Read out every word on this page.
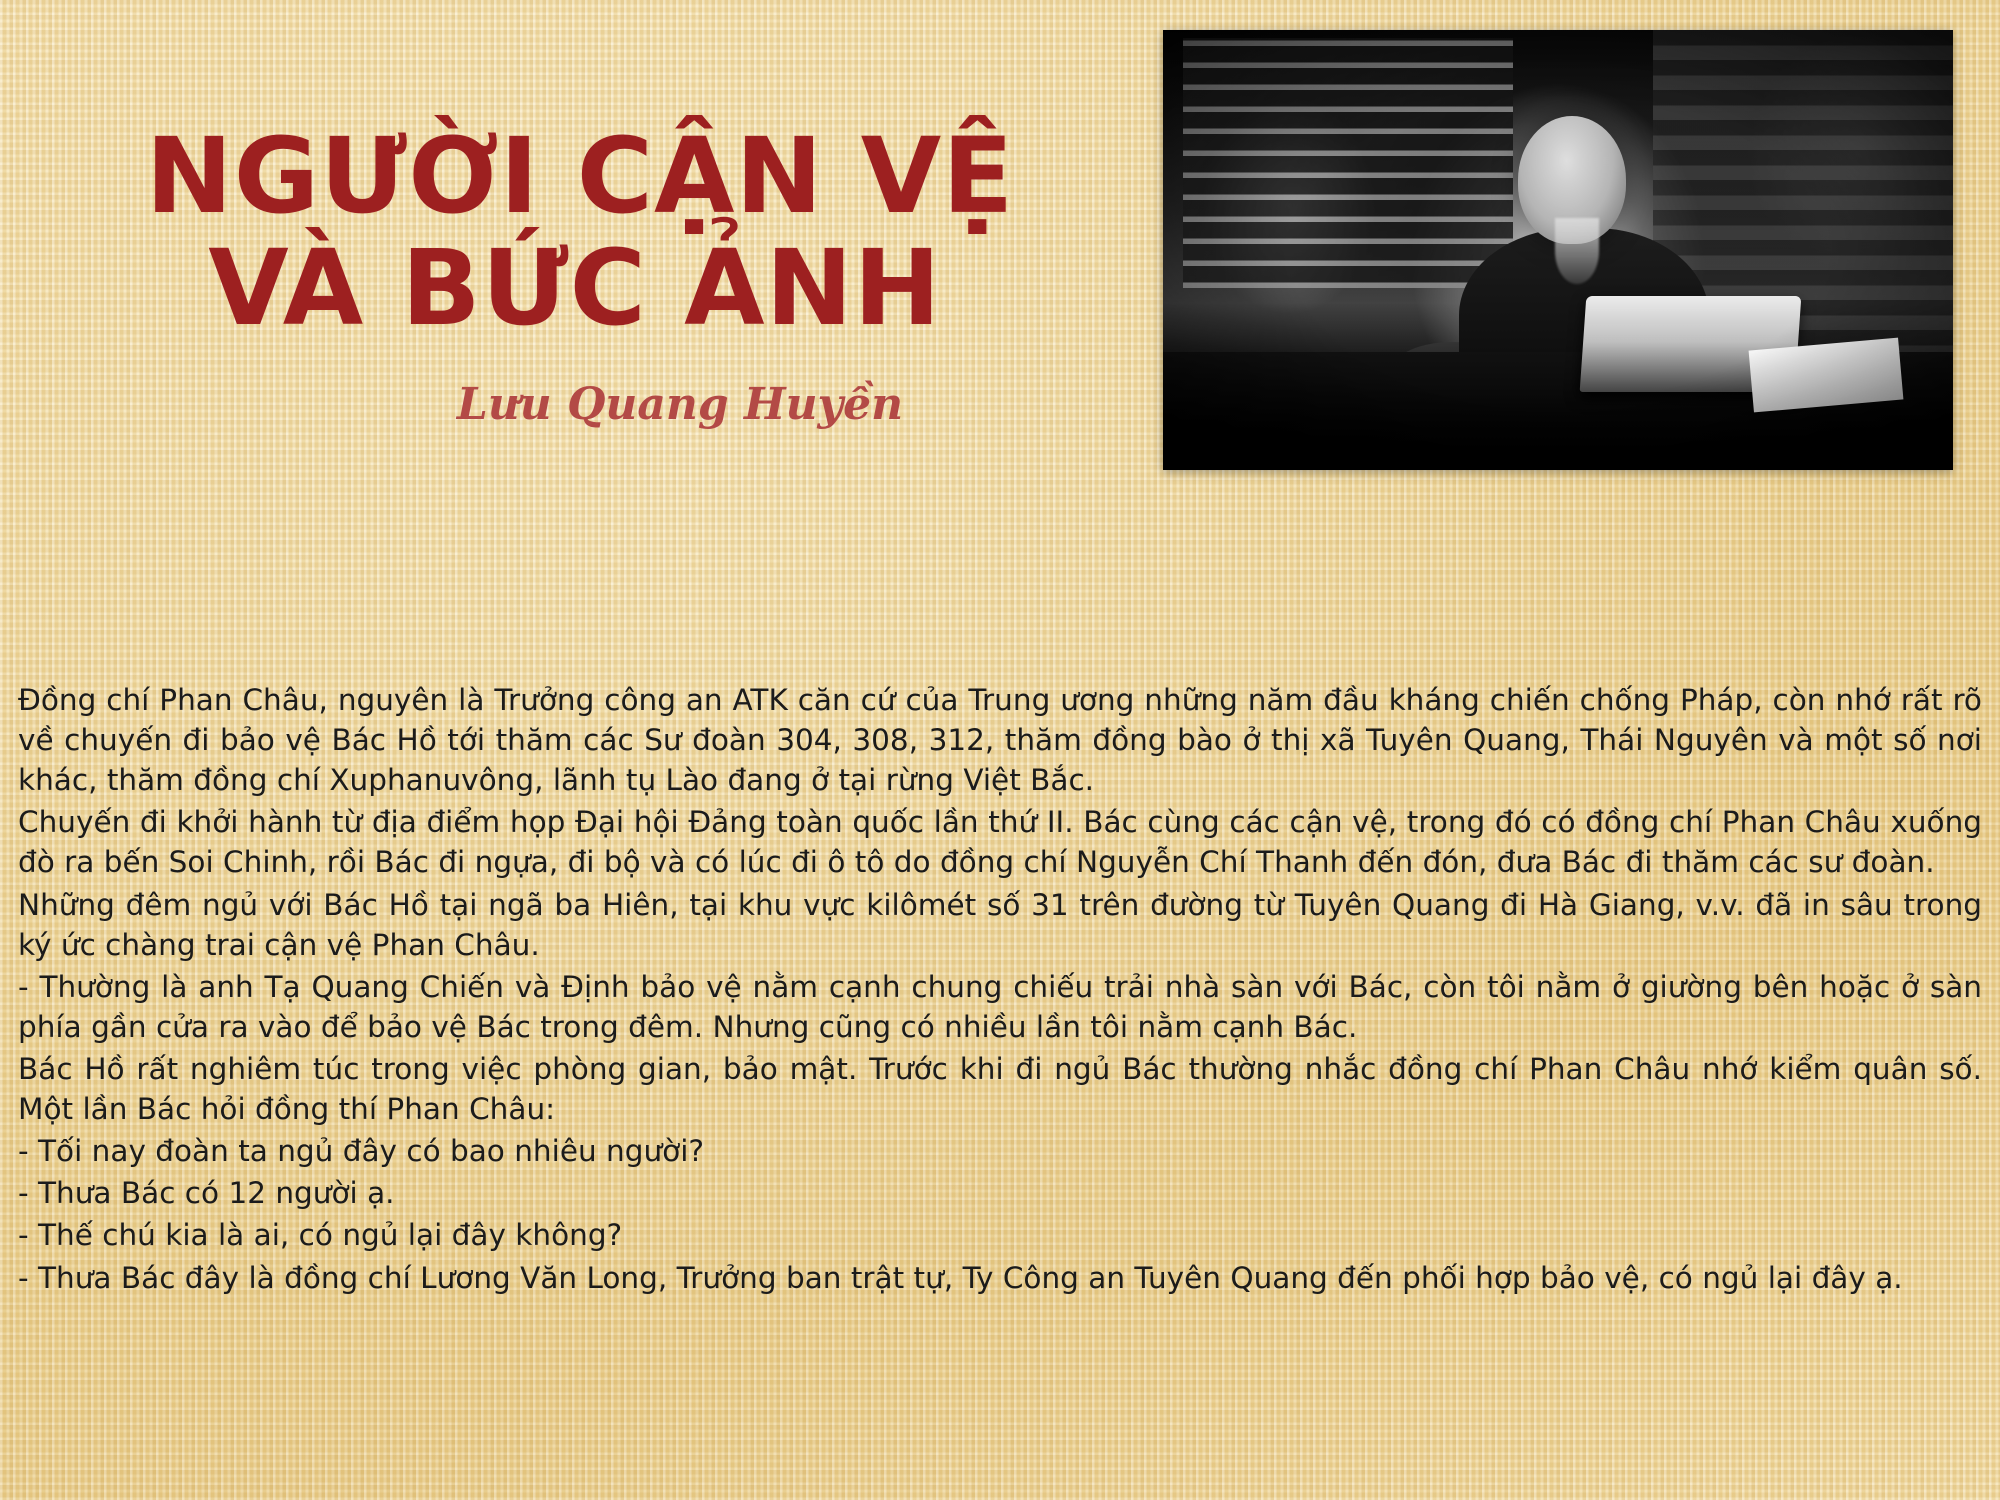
NGƯỜI CẬN VỆ
VÀ BỨC ẢNH
Lưu Quang Huyền

Đồng chí Phan Châu, nguyên là Trưởng công an ATK căn cứ của Trung ương những năm đầu kháng chiến chống Pháp, còn nhớ rất rõ về chuyến đi bảo vệ Bác Hồ tới thăm các Sư đoàn 304, 308, 312, thăm đồng bào ở thị xã Tuyên Quang, Thái Nguyên và một số nơi khác, thăm đồng chí Xuphanuvông, lãnh tụ Lào đang ở tại rừng Việt Bắc.

Chuyến đi khởi hành từ địa điểm họp Đại hội Đảng toàn quốc lần thứ II. Bác cùng các cận vệ, trong đó có đồng chí Phan Châu xuống đò ra bến Soi Chinh, rồi Bác đi ngựa, đi bộ và có lúc đi ô tô do đồng chí Nguyễn Chí Thanh đến đón, đưa Bác đi thăm các sư đoàn.

Những đêm ngủ với Bác Hồ tại ngã ba Hiên, tại khu vực kilômét số 31 trên đường từ Tuyên Quang đi Hà Giang, v.v. đã in sâu trong ký ức chàng trai cận vệ Phan Châu.

- Thường là anh Tạ Quang Chiến và Định bảo vệ nằm cạnh chung chiếu trải nhà sàn với Bác, còn tôi nằm ở giường bên hoặc ở sàn phía gần cửa ra vào để bảo vệ Bác trong đêm. Nhưng cũng có nhiều lần tôi nằm cạnh Bác.

Bác Hồ rất nghiêm túc trong việc phòng gian, bảo mật. Trước khi đi ngủ Bác thường nhắc đồng chí Phan Châu nhớ kiểm quân số. Một lần Bác hỏi đồng thí Phan Châu:

- Tối nay đoàn ta ngủ đây có bao nhiêu người?

- Thưa Bác có 12 người ạ.

- Thế chú kia là ai, có ngủ lại đây không?

- Thưa Bác đây là đồng chí Lương Văn Long, Trưởng ban trật tự, Ty Công an Tuyên Quang đến phối hợp bảo vệ, có ngủ lại đây ạ.
